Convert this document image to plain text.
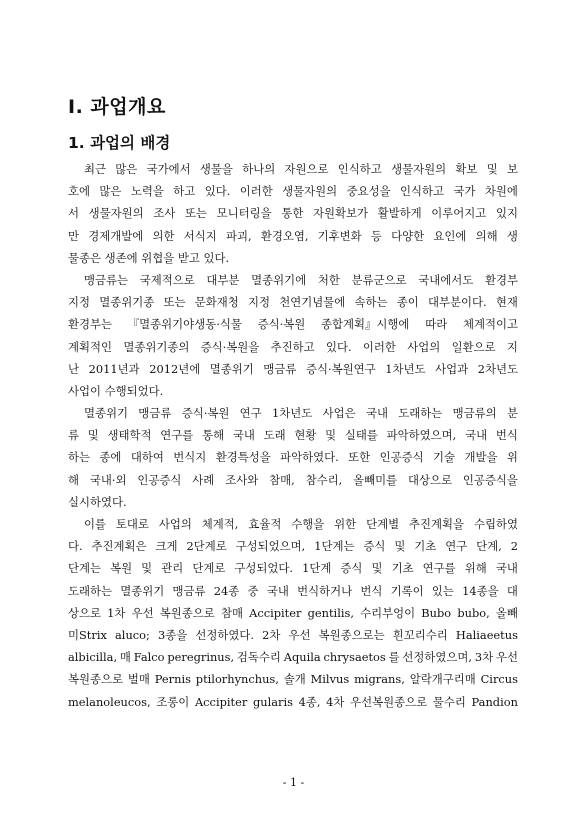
Ⅰ. 과업개요
1. 과업의 배경
최근 많은 국가에서 생물을 하나의 자원으로 인식하고 생물자원의 확보 및 보
호에 많은 노력을 하고 있다. 이러한 생물자원의 중요성을 인식하고 국가 차원에
서 생물자원의 조사 또는 모니터링을 통한 자원확보가 활발하게 이루어지고 있지
만 경제개발에 의한 서식지 파괴, 환경오염, 기후변화 등 다양한 요인에 의해 생
물종은 생존에 위협을 받고 있다.
맹금류는 국제적으로 대부분 멸종위기에 처한 분류군으로 국내에서도 환경부
지정 멸종위기종 또는 문화재청 지정 천연기념물에 속하는 종이 대부분이다. 현재
환경부는 『멸종위기야생동·식물 증식·복원 종합계획』시행에 따라 체계적이고
계획적인 멸종위기종의 증식·복원을 추진하고 있다. 이러한 사업의 일환으로 지
난 2011년과 2012년에 멸종위기 맹금류 증식·복원연구 1차년도 사업과 2차년도
사업이 수행되었다.
멸종위기 맹금류 증식·복원 연구 1차년도 사업은 국내 도래하는 맹금류의 분
류 및 생태학적 연구를 통해 국내 도래 현황 및 실태를 파악하였으며, 국내 번식
하는 종에 대하여 번식지 환경특성을 파악하였다. 또한 인공증식 기술 개발을 위
해 국내·외 인공증식 사례 조사와 참매, 참수리, 올빼미를 대상으로 인공증식을
실시하였다.
이를 토대로 사업의 체계적, 효율적 수행을 위한 단계별 추진계획을 수립하였
다. 추진계획은 크게 2단계로 구성되었으며, 1단계는 증식 및 기초 연구 단계, 2
단계는 복원 및 관리 단계로 구성되었다. 1단계 증식 및 기초 연구를 위해 국내
도래하는 멸종위기 맹금류 24종 중 국내 번식하거나 번식 기록이 있는 14종을 대
상으로 1차 우선 복원종으로 참매 Accipiter gentilis, 수리부엉이 Bubo bubo, 올빼
미Strix aluco; 3종을 선정하였다. 2차 우선 복원종으로는 흰꼬리수리 Haliaeetus
albicilla, 매 Falco peregrinus, 검독수리 Aquila chrysaetos 를 선정하였으며, 3차 우선
복원종으로 벌매 Pernis ptilorhynchus, 솔개 Milvus migrans, 알락개구리매 Circus
melanoleucos, 조롱이 Accipiter gularis 4종, 4차 우선복원종으로 물수리 Pandion
- 1 -
